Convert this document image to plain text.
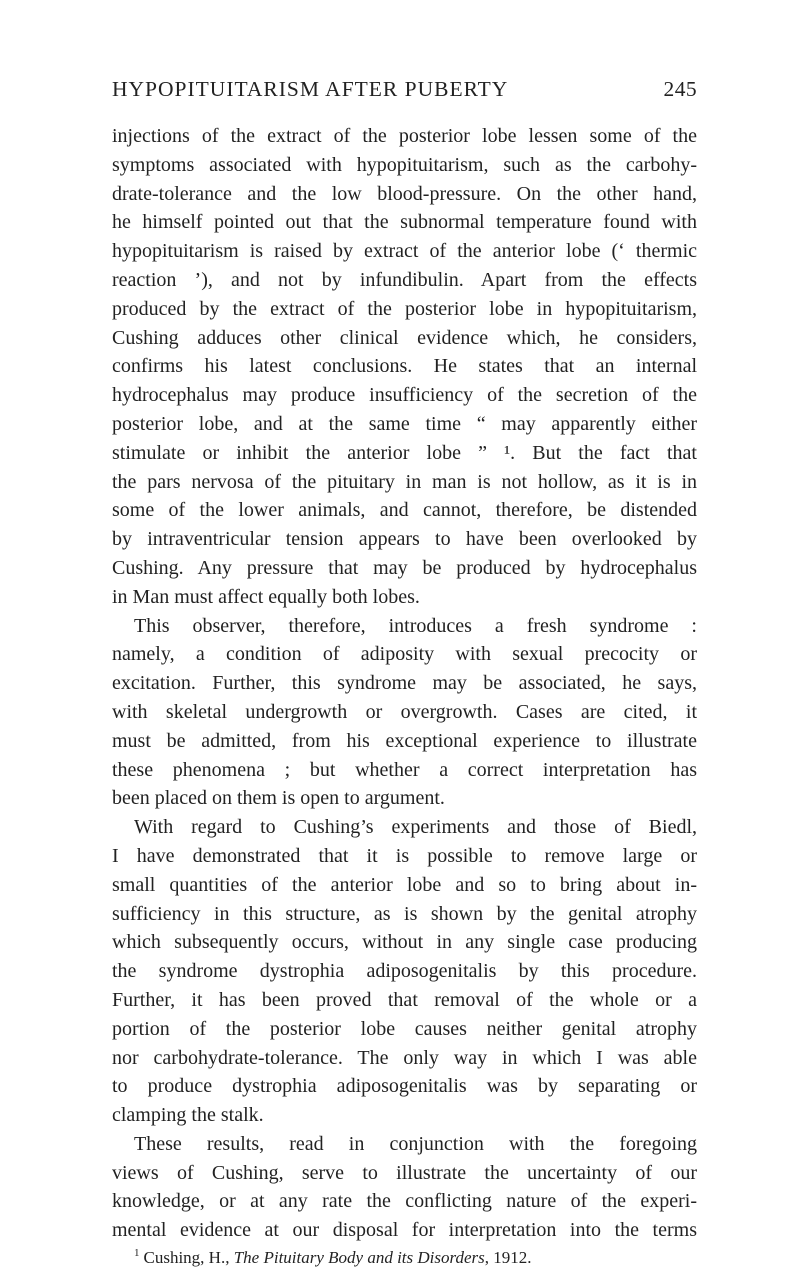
HYPOPITUITARISM AFTER PUBERTY	245
injections of the extract of the posterior lobe lessen some of the
symptoms associated with hypopituitarism, such as the carbohy-
drate-tolerance and the low blood-pressure. On the other hand,
he himself pointed out that the subnormal temperature found with
hypopituitarism is raised by extract of the anterior lobe (‘ thermic
reaction ’), and not by infundibulin. Apart from the effects
produced by the extract of the posterior lobe in hypopituitarism,
Cushing adduces other clinical evidence which, he considers,
confirms his latest conclusions. He states that an internal
hydrocephalus may produce insufficiency of the secretion of the
posterior lobe, and at the same time “ may apparently either
stimulate or inhibit the anterior lobe ” ¹. But the fact that
the pars nervosa of the pituitary in man is not hollow, as it is in
some of the lower animals, and cannot, therefore, be distended
by intraventricular tension appears to have been overlooked by
Cushing. Any pressure that may be produced by hydrocephalus
in Man must affect equally both lobes.
This observer, therefore, introduces a fresh syndrome :
namely, a condition of adiposity with sexual precocity or
excitation. Further, this syndrome may be associated, he says,
with skeletal undergrowth or overgrowth. Cases are cited, it
must be admitted, from his exceptional experience to illustrate
these phenomena ; but whether a correct interpretation has
been placed on them is open to argument.
With regard to Cushing’s experiments and those of Biedl,
I have demonstrated that it is possible to remove large or
small quantities of the anterior lobe and so to bring about in-
sufficiency in this structure, as is shown by the genital atrophy
which subsequently occurs, without in any single case producing
the syndrome dystrophia adiposogenitalis by this procedure.
Further, it has been proved that removal of the whole or a
portion of the posterior lobe causes neither genital atrophy
nor carbohydrate-tolerance. The only way in which I was able
to produce dystrophia adiposogenitalis was by separating or
clamping the stalk.
These results, read in conjunction with the foregoing
views of Cushing, serve to illustrate the uncertainty of our
knowledge, or at any rate the conflicting nature of the experi-
mental evidence at our disposal for interpretation into the terms
$^1$ Cushing, H., The Pituitary Body and its Disorders, 1912.
